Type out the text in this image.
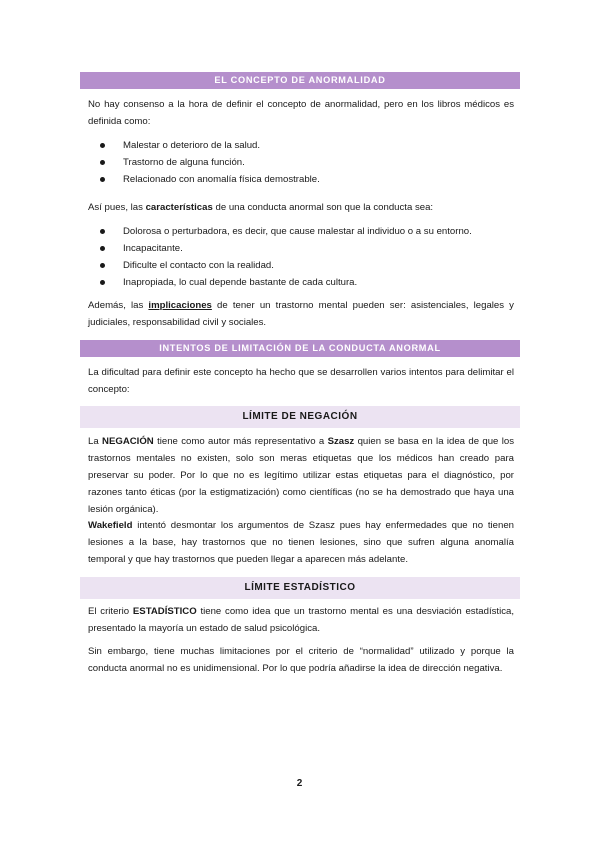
EL CONCEPTO DE ANORMALIDAD

No hay consenso a la hora de definir el concepto de anormalidad, pero en los libros médicos es definida como:

Malestar o deterioro de la salud.
Trastorno de alguna función.
Relacionado con anomalía física demostrable.

Así pues, las características de una conducta anormal son que la conducta sea:

Dolorosa o perturbadora, es decir, que cause malestar al individuo o a su entorno.
Incapacitante.
Dificulte el contacto con la realidad.
Inapropiada, lo cual depende bastante de cada cultura.

Además, las implicaciones de tener un trastorno mental pueden ser: asistenciales, legales y judiciales, responsabilidad civil y sociales.

INTENTOS DE LIMITACIÓN DE LA CONDUCTA ANORMAL

La dificultad para definir este concepto ha hecho que se desarrollen varios intentos para delimitar el concepto:

LÍMITE DE NEGACIÓN

La NEGACIÓN tiene como autor más representativo a Szasz quien se basa en la idea de que los trastornos mentales no existen, solo son meras etiquetas que los médicos han creado para preservar su poder. Por lo que no es legítimo utilizar estas etiquetas para el diagnóstico, por razones tanto éticas (por la estigmatización) como científicas (no se ha demostrado que haya una lesión orgánica).

Wakefield intentó desmontar los argumentos de Szasz pues hay enfermedades que no tienen lesiones a la base, hay trastornos que no tienen lesiones, sino que sufren alguna anomalía temporal y que hay trastornos que pueden llegar a aparecen más adelante.

LÍMITE ESTADÍSTICO

El criterio ESTADÍSTICO tiene como idea que un trastorno mental es una desviación estadística, presentado la mayoría un estado de salud psicológica.

Sin embargo, tiene muchas limitaciones por el criterio de “normalidad” utilizado y porque la conducta anormal no es unidimensional. Por lo que podría añadirse la idea de dirección negativa.

2
